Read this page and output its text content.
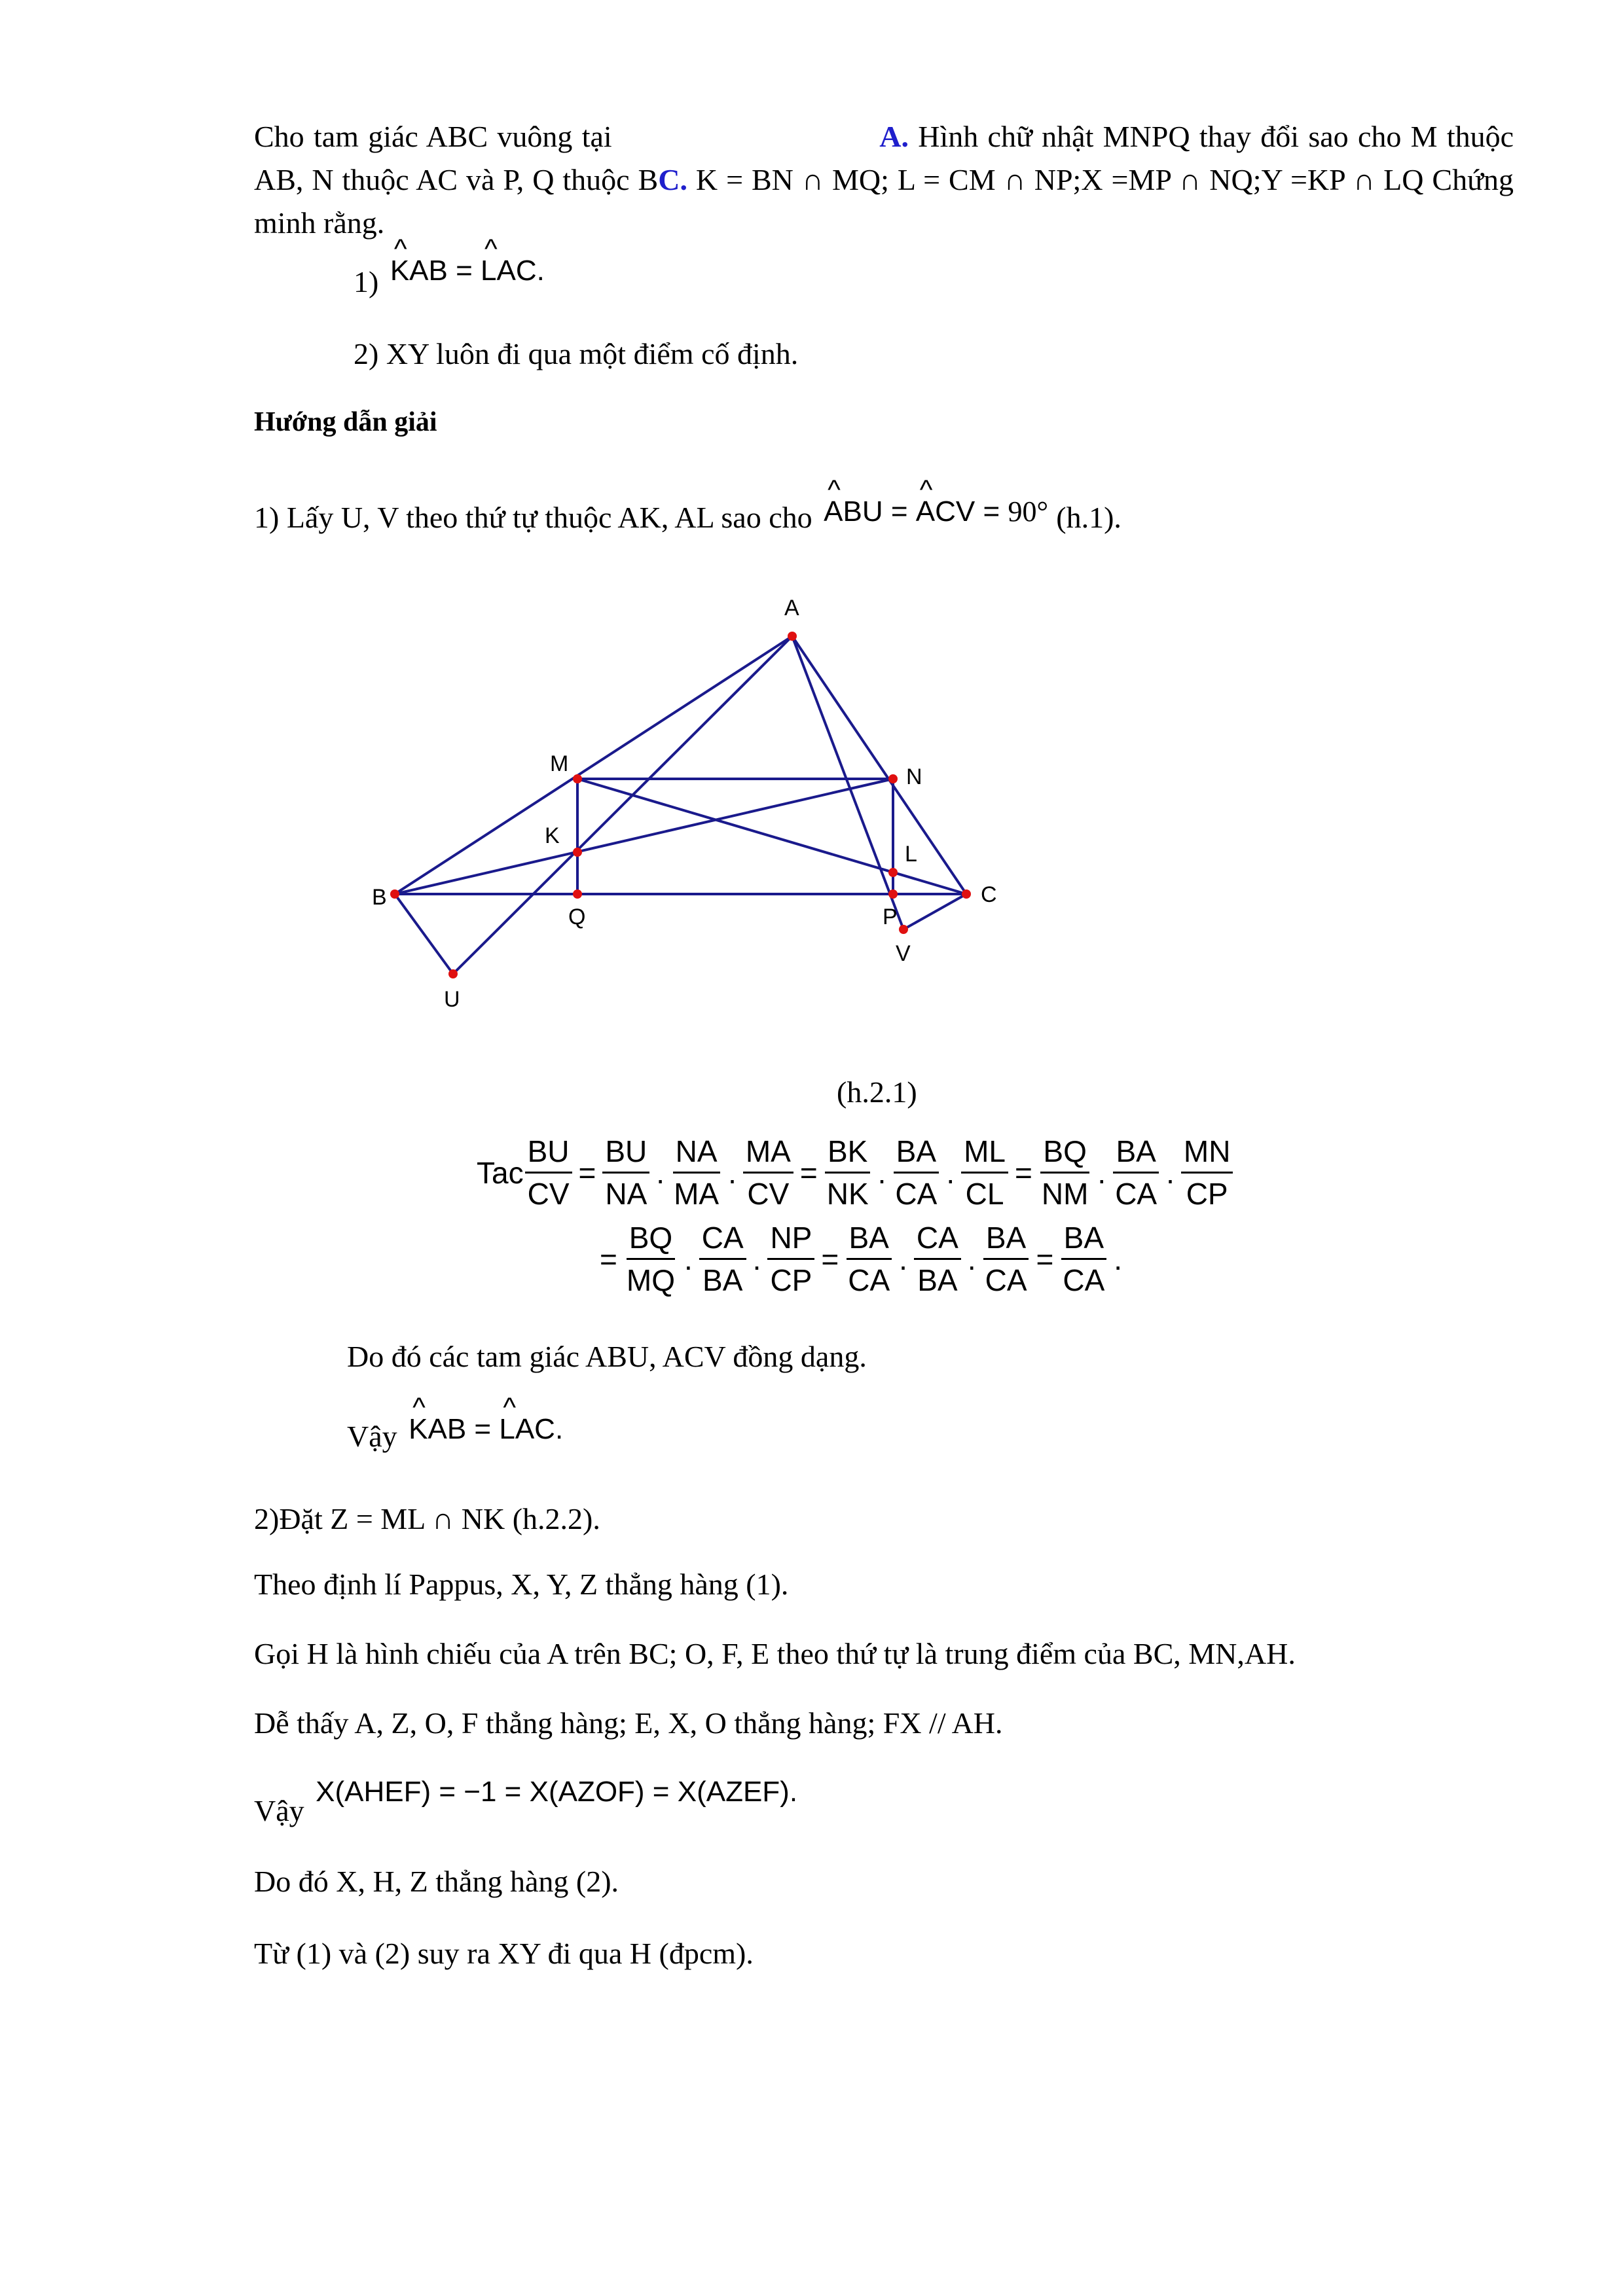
Cho tam giác ABC vuông tại	A. Hình chữ nhật MNPQ thay đổi sao cho M thuộc AB, N thuộc AC và P, Q thuộc BC. K = BN ∩ MQ; L = CM ∩ NP;X =MP ∩ NQ;Y =KP ∩ LQ Chứng minh rằng.
1) ^ KAB = ^ LAC.
2) XY luôn đi qua một điểm cố định.
Hướng dẫn giải
1) Lấy U, V theo thứ tự thuộc AK, AL sao cho ^ ABU = ^ ACV = 90° (h.1).
A
M
N
K
L
B	C
Q	P
V
U
(h.2.1)
Tac $\frac{BU}{CV} = \frac{BU}{NA}$ . $\frac{NA}{MA}$ . $\frac{MA}{CV} = \frac{BK}{NK}$ . $\frac{BA}{CA}$ . $\frac{ML}{CL} = \frac{BQ}{NM}$ . $\frac{BA}{CA}$ . $\frac{MN}{CP}$
= $\frac{BQ}{MQ}$ . $\frac{CA}{BA}$ . $\frac{NP}{CP} = \frac{BA}{CA}$ . $\frac{CA}{BA}$ . $\frac{BA}{CA} = \frac{BA}{CA}$ .
Do đó các tam giác ABU, ACV đồng dạng.
Vậy ^ KAB = ^ LAC.
2)Đặt Z = ML ∩ NK (h.2.2).
Theo định lí Pappus, X, Y, Z thẳng hàng (1).
Gọi H là hình chiếu của A trên BC; O, F, E theo thứ tự là trung điểm của BC, MN,AH.
Dễ thấy A, Z, O, F thẳng hàng; E, X, O thẳng hàng; FX // AH.
Vậy X(AHEF) = −1 = X(AZOF) = X(AZEF).
Do đó X, H, Z thẳng hàng (2).
Từ (1) và (2) suy ra XY đi qua H (đpcm).
